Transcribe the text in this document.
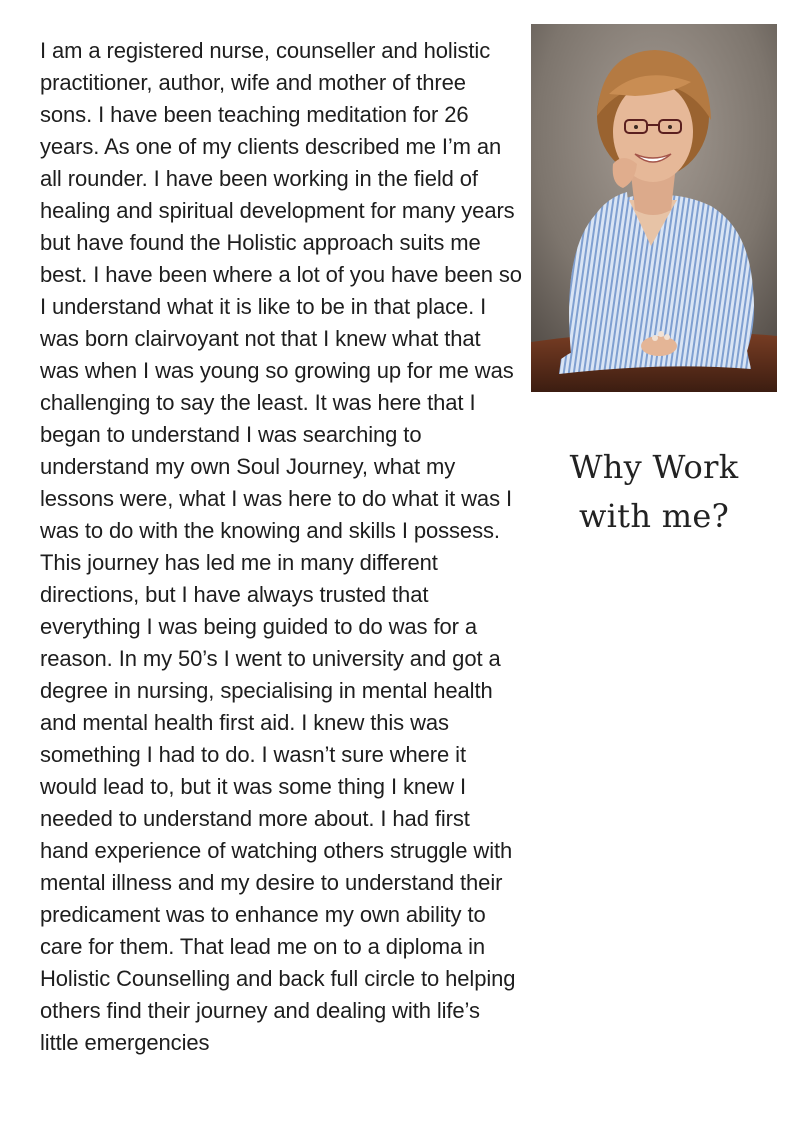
I am a registered nurse, counseller and holistic practitioner, author, wife and mother of three sons. I have been teaching meditation for 26 years. As one of my clients described me I’m an all rounder. I have been working in the field of healing and spiritual development for many years but have found the Holistic approach suits me best. I have been where a lot of you have been so I understand what it is like to be in that place. I was born clairvoyant not that I knew what that was when I was young so growing up for me was challenging to say the least. It was here that I began to understand I was searching to understand my own Soul Journey, what my lessons were, what I was here to do what it was I was to do with the knowing and skills I possess. This journey has led me in many different directions, but I have always trusted that everything I was being guided to do was for a reason. In my 50’s I went to university and got a degree in nursing, specialising in mental health and mental health first aid. I knew this was something I had to do. I wasn’t sure where it would lead to, but it was some thing I knew I needed to understand more about. I had first hand experience of watching others struggle with mental illness and my desire to understand their predicament was to enhance my own ability to care for them. That lead me on to a diploma in Holistic Counselling and back full circle to helping others find their journey and dealing with life’s little emergencies

Why Work with me?
